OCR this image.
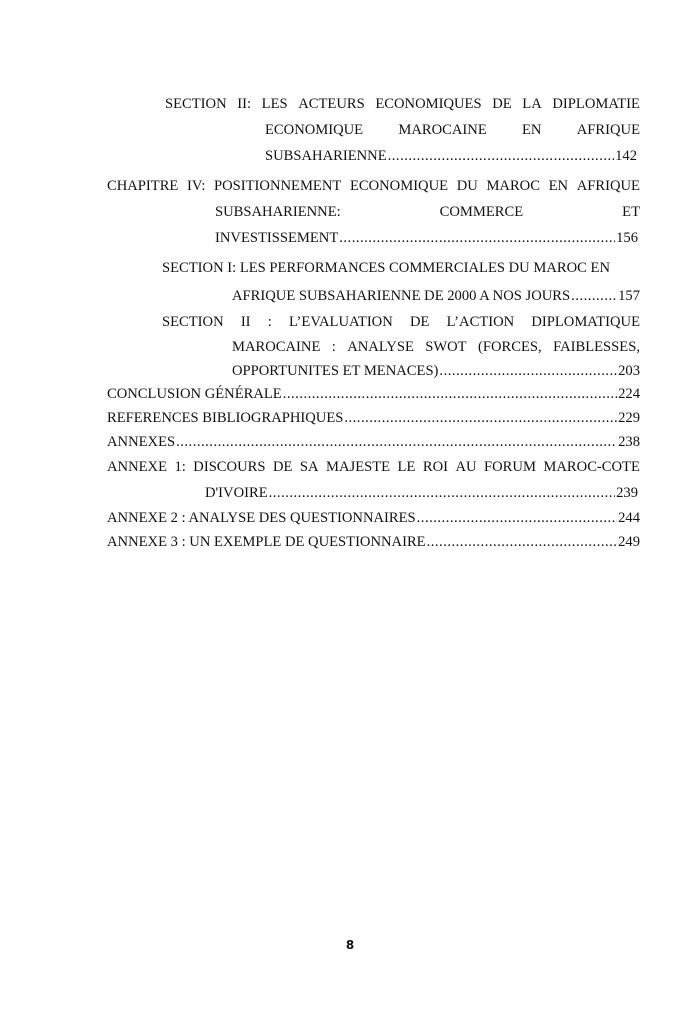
SECTION II: LES ACTEURS ECONOMIQUES DE LA DIPLOMATIE
ECONOMIQUE MAROCAINE EN AFRIQUE
SUBSAHARIENNE .....	142
CHAPITRE IV: POSITIONNEMENT ECONOMIQUE DU MAROC EN AFRIQUE
SUBSAHARIENNE:	COMMERCE	ET
INVESTISSEMENT .....	156
SECTION I: LES PERFORMANCES COMMERCIALES DU MAROC EN
AFRIQUE SUBSAHARIENNE DE 2000 A NOS JOURS .....	157
SECTION II : L’EVALUATION DE L’ACTION DIPLOMATIQUE
MAROCAINE : ANALYSE SWOT (FORCES, FAIBLESSES,
OPPORTUNITES ET MENACES) .....	203
CONCLUSION GÉNÉRALE .....	224
REFERENCES BIBLIOGRAPHIQUES .....	229
ANNEXES .....	238
ANNEXE 1: DISCOURS DE SA MAJESTE LE ROI AU FORUM MAROC-COTE
D'IVOIRE .....	239
ANNEXE 2 : ANALYSE DES QUESTIONNAIRES .....	244
ANNEXE 3 : UN EXEMPLE DE QUESTIONNAIRE .....	249
8
